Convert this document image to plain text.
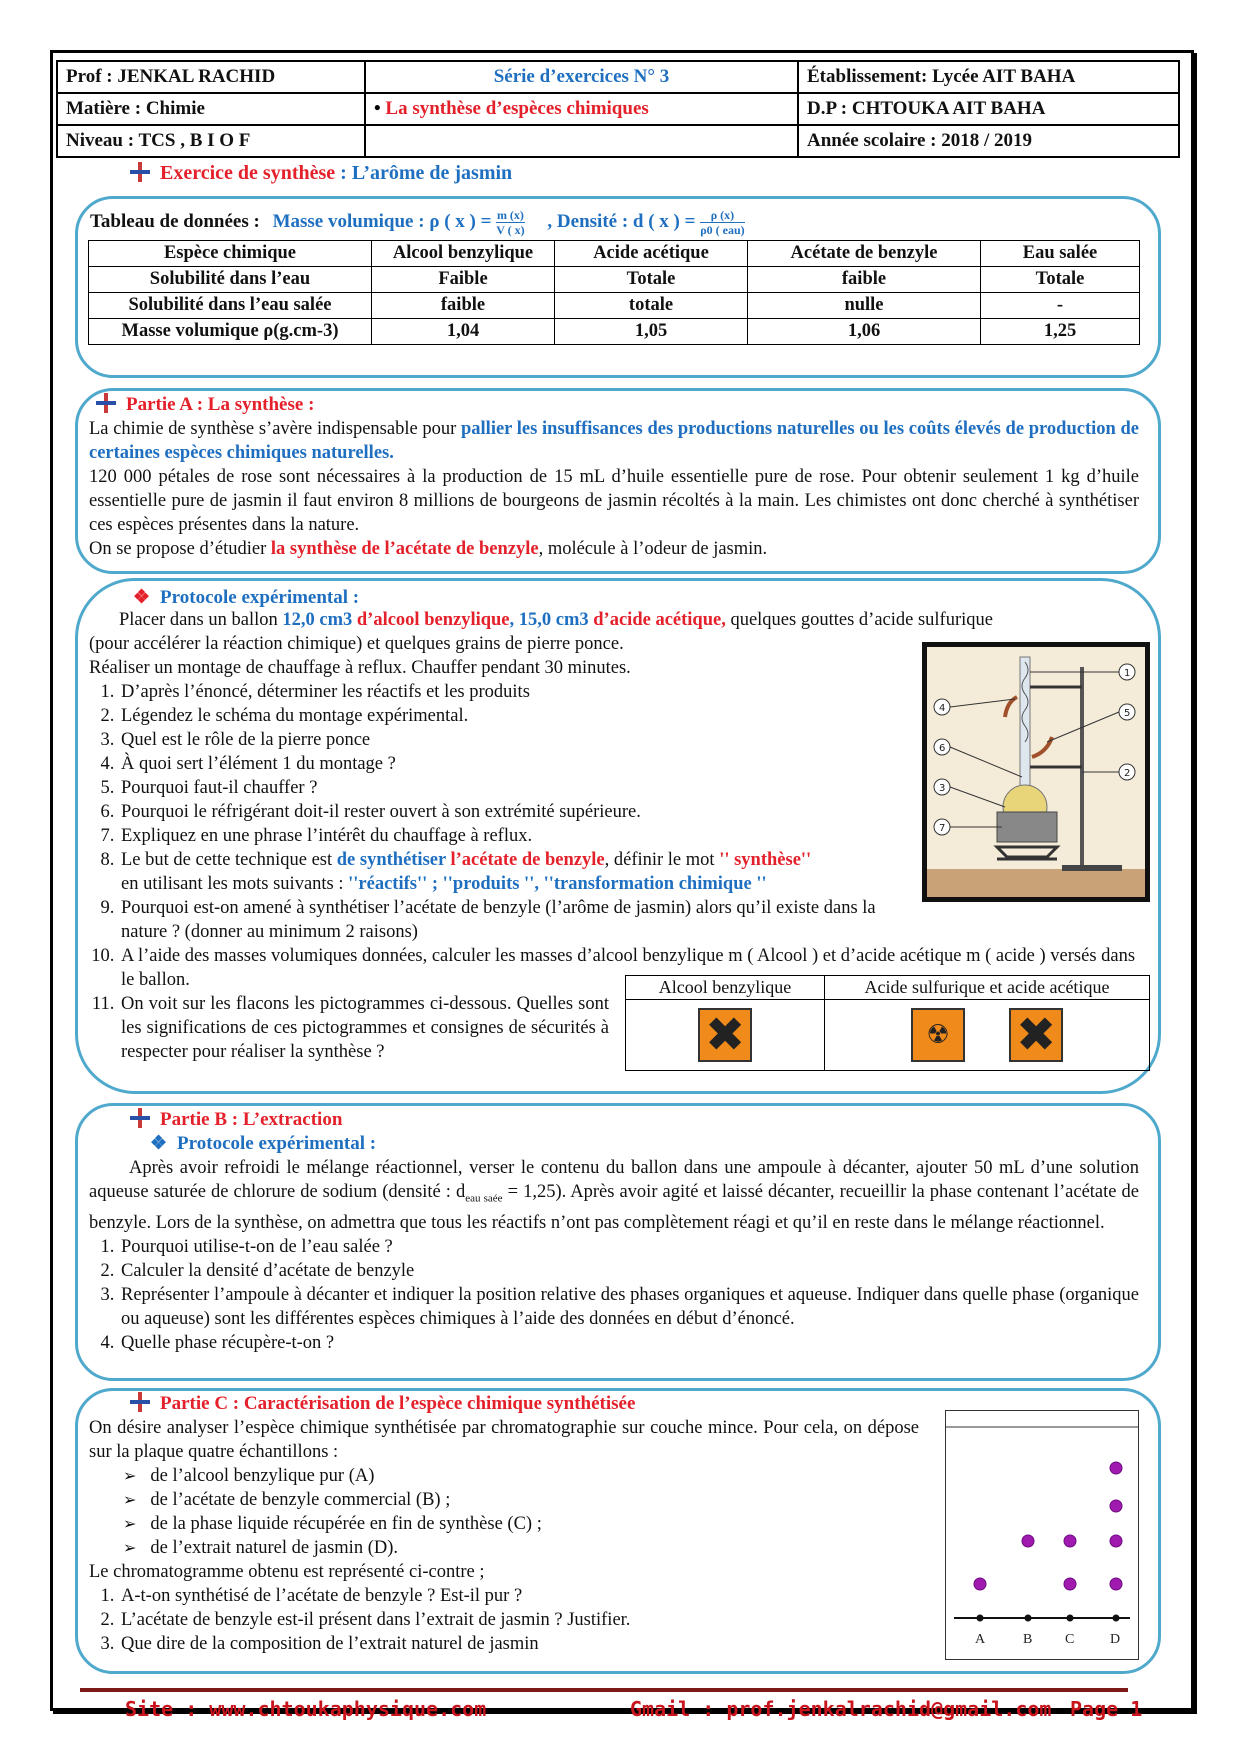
Prof : JENKAL RACHID	Série d’exercices N° 3	Établissement: Lycée AIT BAHA
Matière : Chimie	• La synthèse d’espèces chimiques	D.P : CHTOUKA AIT BAHA
Niveau : TCS , B I O F		Année scolaire : 2018 / 2019
Exercice de synthèse : L’arôme de jasmin
Tableau de données : Masse volumique : ρ ( x ) = $\frac{m (x)}{V ( x)}$ , Densité : d ( x ) = ρ (x)
ρ0 ( eau)
Espèce chimique	Alcool benzylique	Acide acétique	Acétate de benzyle	Eau salée
Solubilité dans l’eau	Faible	Totale	faible	Totale
Solubilité dans l’eau salée	faible	totale	nulle	-
Masse volumique ρ(g.cm-3)	1,04	1,05	1,06	1,25
Partie A : La synthèse :
La chimie de synthèse s’avère indispensable pour pallier les insuffisances des productions naturelles ou les coûts élevés de production de certaines espèces chimiques naturelles.
120 000 pétales de rose sont nécessaires à la production de 15 mL d’huile essentielle pure de rose. Pour obtenir seulement 1 kg d’huile essentielle pure de jasmin il faut environ 8 millions de bourgeons de jasmin récoltés à la main. Les chimistes ont donc cherché à synthétiser ces espèces présentes dans la nature.
On se propose d’étudier la synthèse de l’acétate de benzyle, molécule à l’odeur de jasmin.
❖ Protocole expérimental :
Placer dans un ballon 12,0 cm3 d’alcool benzylique, 15,0 cm3 d’acide acétique, quelques gouttes d’acide sulfurique
(pour accélérer la réaction chimique) et quelques grains de pierre ponce.
Réaliser un montage de chauffage à reflux. Chauffer pendant 30 minutes.
1. D’après l’énoncé, déterminer les réactifs et les produits
2. Légendez le schéma du montage expérimental.
3. Quel est le rôle de la pierre ponce
4. À quoi sert l’élément 1 du montage ?
5. Pourquoi faut-il chauffer ?
6. Pourquoi le réfrigérant doit-il rester ouvert à son extrémité supérieure.
7. Expliquez en une phrase l’intérêt du chauffage à reflux.
8. Le but de cette technique est de synthétiser l’acétate de benzyle, définir le mot '' synthèse''
en utilisant les mots suivants : ''réactifs'' ; ''produits '', ''transformation chimique ''
9. Pourquoi est-on amené à synthétiser l’acétate de benzyle (l’arôme de jasmin) alors qu’il existe dans la nature ? (donner au minimum 2 raisons)
10. A l’aide des masses volumiques données, calculer les masses d’alcool benzylique m ( Alcool ) et d’acide acétique m ( acide ) versés dans le ballon.
11. On voit sur les flacons les pictogrammes ci-dessous. Quelles sont les significations de ces pictogrammes et consignes de sécurités à respecter pour réaliser la synthèse ?
1
2
3
4	5
6
7
Alcool benzylique	Acide sulfurique et acide acétique

✖	☢ ✖
Partie B : L’extraction
❖ Protocole expérimental :
Après avoir refroidi le mélange réactionnel, verser le contenu du ballon dans une ampoule à décanter, ajouter 50 mL d’une solution aqueuse saturée de chlorure de sodium (densité : $d_{eau saée} = 1,25$). Après avoir agité et laissé décanter, recueillir la phase contenant l’acétate de benzyle. Lors de la synthèse, on admettra que tous les réactifs n’ont pas complètement réagi et qu’il en reste dans le mélange réactionnel.
1. Pourquoi utilise-t-on de l’eau salée ?
2. Calculer la densité d’acétate de benzyle
3. Représenter l’ampoule à décanter et indiquer la position relative des phases organiques et aqueuse. Indiquer dans quelle phase (organique ou aqueuse) sont les différentes espèces chimiques à l’aide des données en début d’énoncé.
4. Quelle phase récupère-t-on ?
Partie C : Caractérisation de l’espèce chimique synthétisée
On désire analyser l’espèce chimique synthétisée par chromatographie sur couche mince. Pour cela, on dépose sur la plaque quatre échantillons :
➢ de l’alcool benzylique pur (A)
➢ de l’acétate de benzyle commercial (B) ;
➢ de la phase liquide récupérée en fin de synthèse (C) ;
➢ de l’extrait naturel de jasmin (D).
Le chromatogramme obtenu est représenté ci-contre ;
1. A-t-on synthétisé de l’acétate de benzyle ? Est-il pur ?
2. L’acétate de benzyle est-il présent dans l’extrait de jasmin ? Justifier.
3. Que dire de la composition de l’extrait naturel de jasmin	A	B C	D
Site : www.chtoukaphysique.com	Gmail : prof.jenkalrachid@gmail.com Page 1
